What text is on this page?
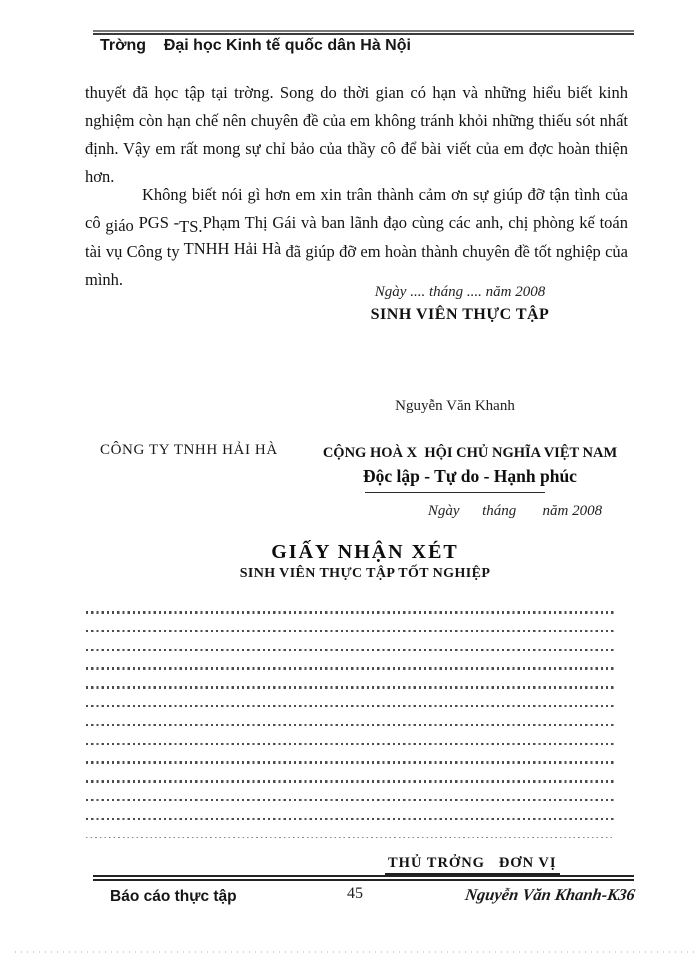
Trờng    Đại học Kinh tế quốc dân Hà Nội

thuyết đã học tập tại trờng. Song do thời gian có hạn và những hiểu biết kinh nghiệm còn hạn chế nên chuyên đề của em không tránh khỏi những thiếu sót nhất định. Vậy em rất mong sự chỉ bảo của thầy cô để bài viết của em đợc hoàn thiện hơn.

Không biết nói gì hơn em xin trân thành cảm ơn sự giúp đỡ tận tình của cô giáo PGS -TS.Phạm Thị Gái và ban lãnh đạo cùng các anh, chị phòng kế toán tài vụ Công ty TNHH Hải Hà đã giúp đỡ em hoàn thành chuyên đề tốt nghiệp của mình.

Ngày .... tháng .... năm 2008
SINH VIÊN THỰC TẬP
Nguyễn Văn Khanh
CÔNG TY TNHH HẢI HÀ	CỘNG HOÀ X  HỘI CHỦ NGHĨA VIỆT NAM
Độc lập - Tự do - Hạnh phúc
Ngày      tháng       năm 2008
GIẤY NHẬN XÉT
SINH VIÊN THỰC TẬP TỐT NGHIỆP
THỦ TRỞNG   ĐƠN VỊ
Báo cáo thực tập	45	Nguyễn Văn Khanh-K36
